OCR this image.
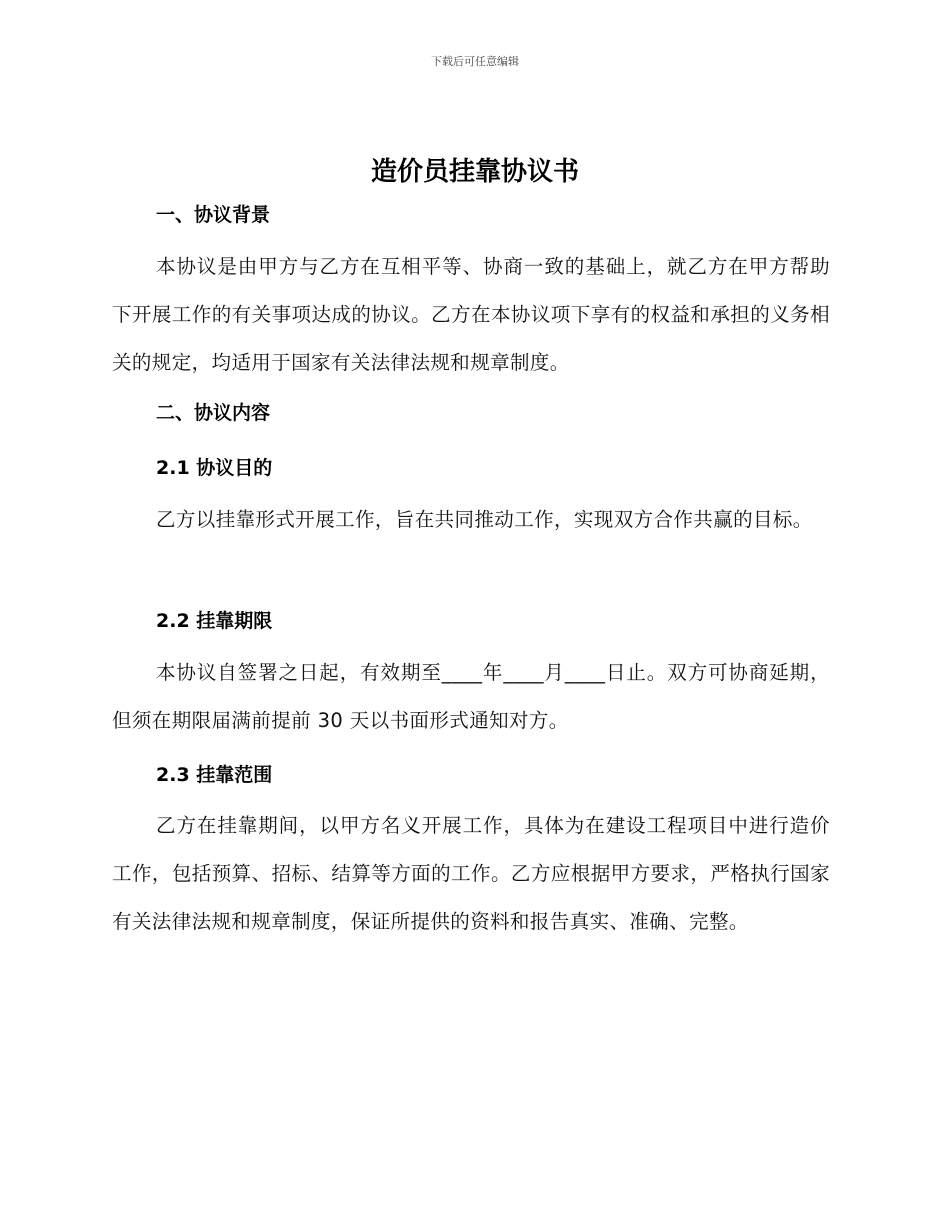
下载后可任意编辑
造价员挂靠协议书
一、协议背景
本协议是由甲方与乙方在互相平等、协商一致的基础上，就乙方在甲方帮助下开展工作的有关事项达成的协议。乙方在本协议项下享有的权益和承担的义务相关的规定，均适用于国家有关法律法规和规章制度。
二、协议内容
2.1 协议目的
乙方以挂靠形式开展工作，旨在共同推动工作，实现双方合作共赢的目标。
2.2 挂靠期限
本协议自签署之日起，有效期至____年____月____日止。双方可协商延期，但须在期限届满前提前 30 天以书面形式通知对方。
2.3 挂靠范围
乙方在挂靠期间，以甲方名义开展工作，具体为在建设工程项目中进行造价工作，包括预算、招标、结算等方面的工作。乙方应根据甲方要求，严格执行国家有关法律法规和规章制度，保证所提供的资料和报告真实、准确、完整。
